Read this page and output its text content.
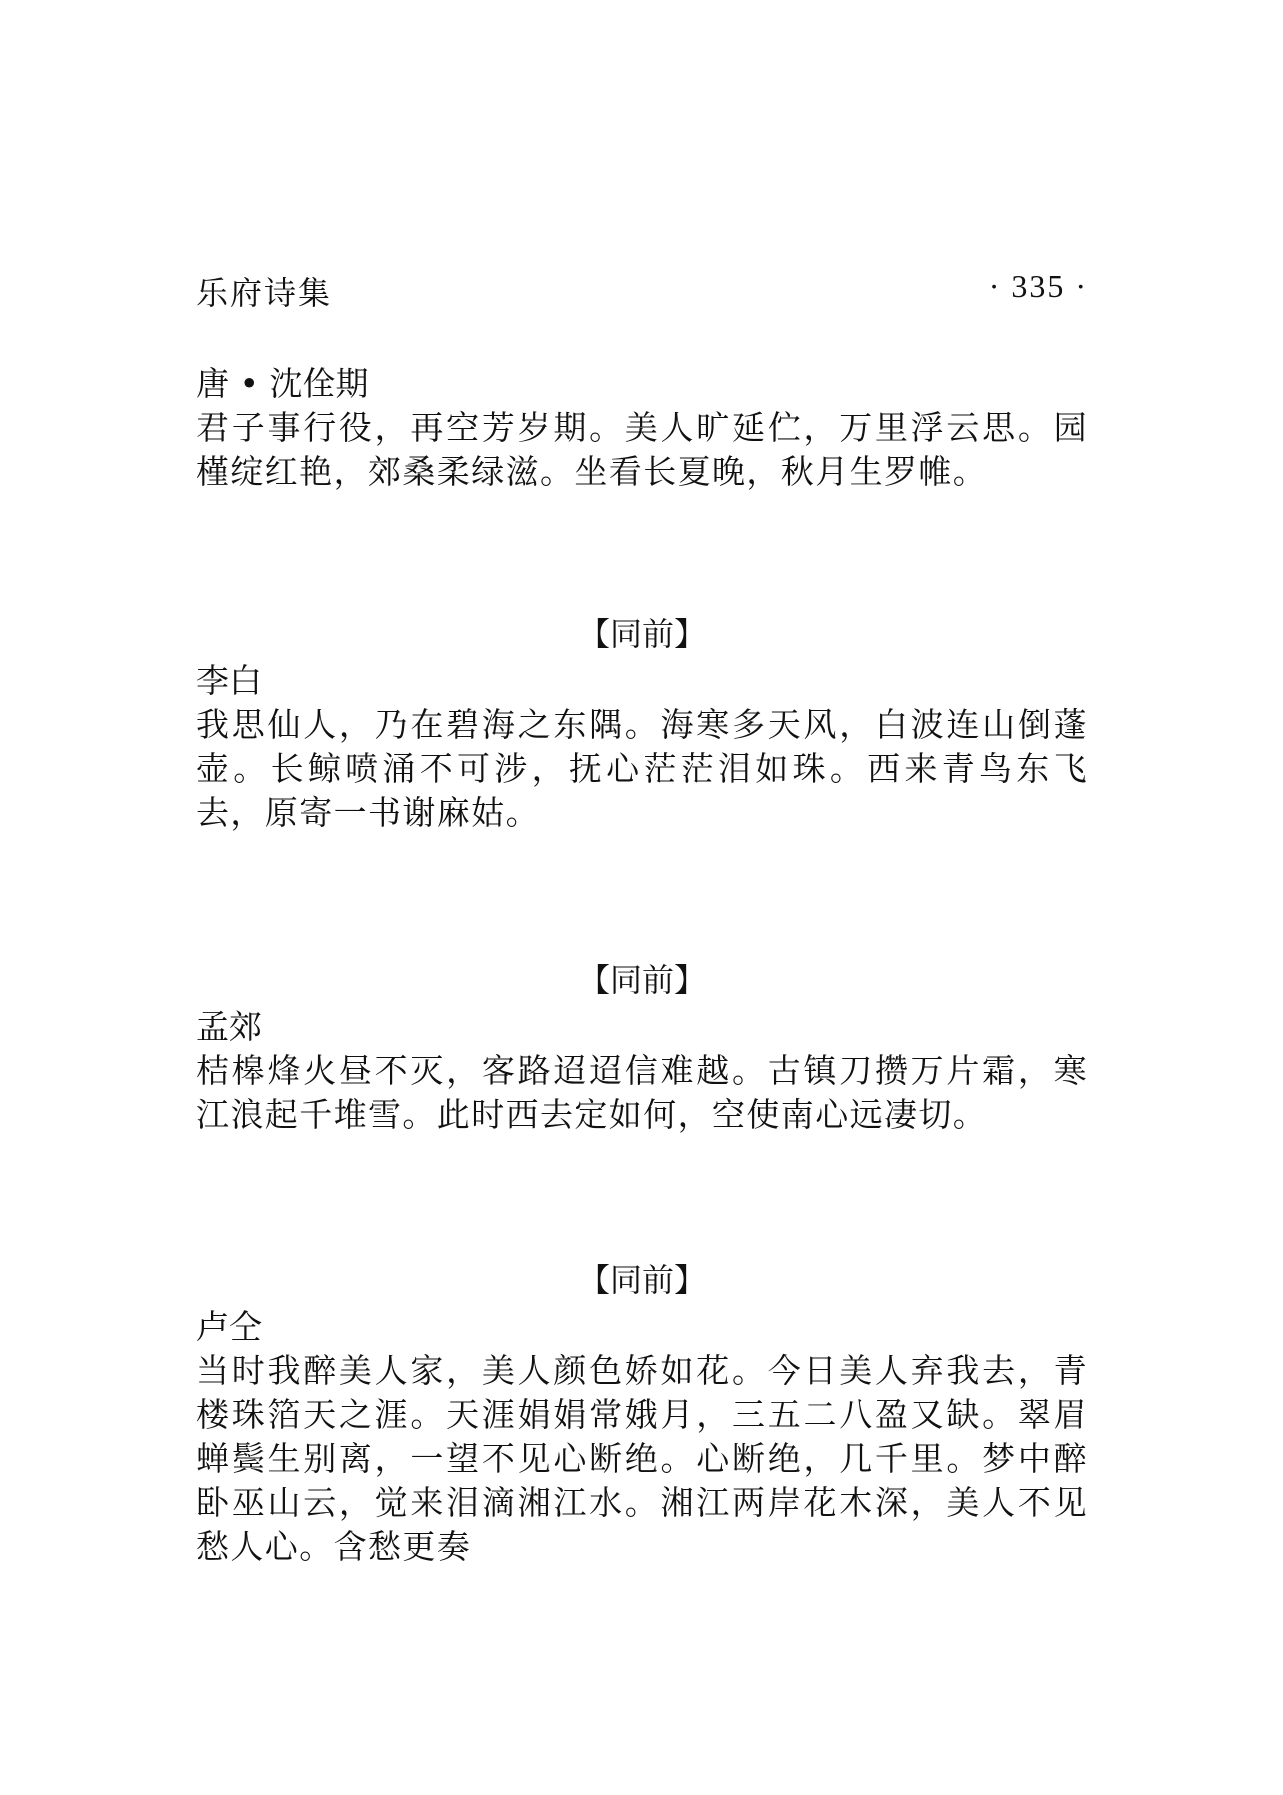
乐府诗集	· 335 ·
唐 • 沈佺期
君子事行役，再空芳岁期。美人旷延伫，万里浮云思。园槿绽红艳，郊桑柔绿滋。坐看长夏晚，秋月生罗帷。
【同前】
李白
我思仙人，乃在碧海之东隅。海寒多天风，白波连山倒蓬壶。长鲸喷涌不可涉，抚心茫茫泪如珠。西来青鸟东飞去，原寄一书谢麻姑。
【同前】
孟郊
桔槔烽火昼不灭，客路迢迢信难越。古镇刀攒万片霜，寒江浪起千堆雪。此时西去定如何，空使南心远凄切。
【同前】
卢仝
当时我醉美人家，美人颜色娇如花。今日美人弃我去，青楼珠箔天之涯。天涯娟娟常娥月，三五二八盈又缺。翠眉蝉鬓生别离，一望不见心断绝。心断绝，几千里。梦中醉卧巫山云，觉来泪滴湘江水。湘江两岸花木深，美人不见愁人心。含愁更奏
